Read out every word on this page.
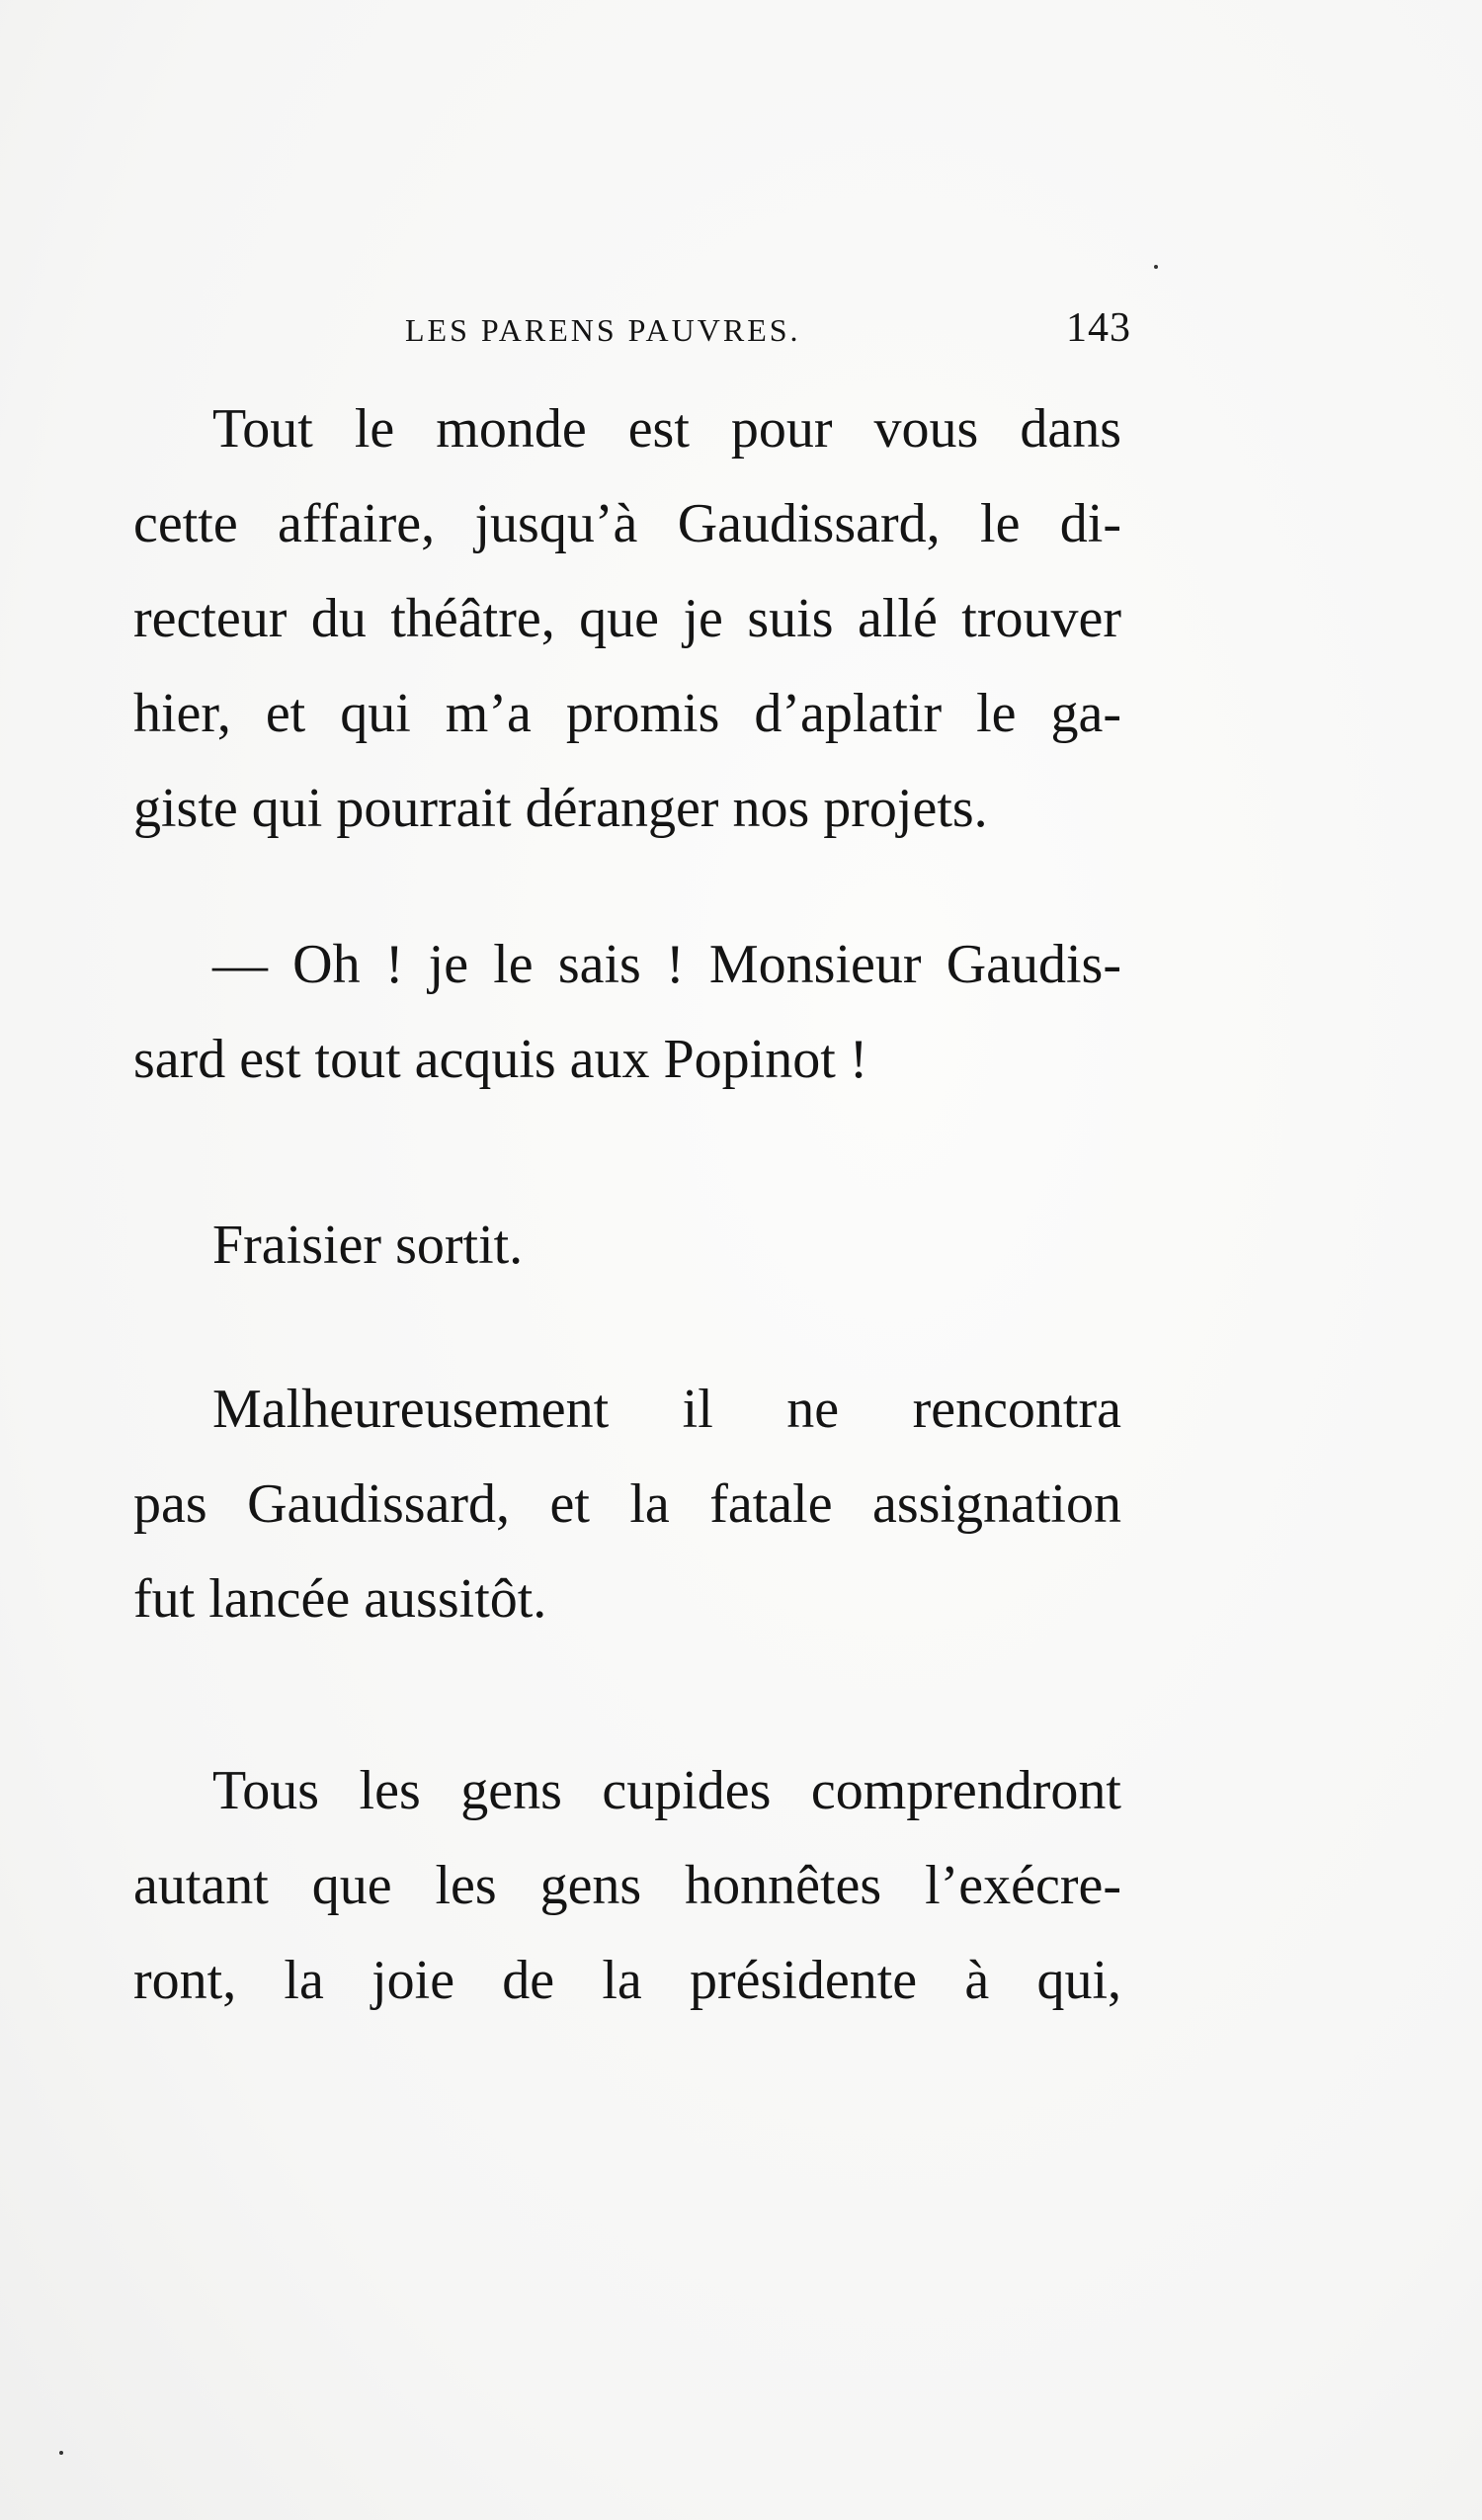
LES PARENS PAUVRES.	143
Tout le monde est pour vous dans
cette affaire, jusqu’à Gaudissard, le di-
recteur du théâtre, que je suis allé trouver
hier, et qui m’a promis d’aplatir le ga-
giste qui pourrait déranger nos projets.
— Oh ! je le sais ! Monsieur Gaudis-
sard est tout acquis aux Popinot !
Fraisier sortit.
Malheureusement il ne rencontra
pas Gaudissard, et la fatale assignation
fut lancée aussitôt.
Tous les gens cupides comprendront
autant que les gens honnêtes l’exécre-
ront, la joie de la présidente à qui,
